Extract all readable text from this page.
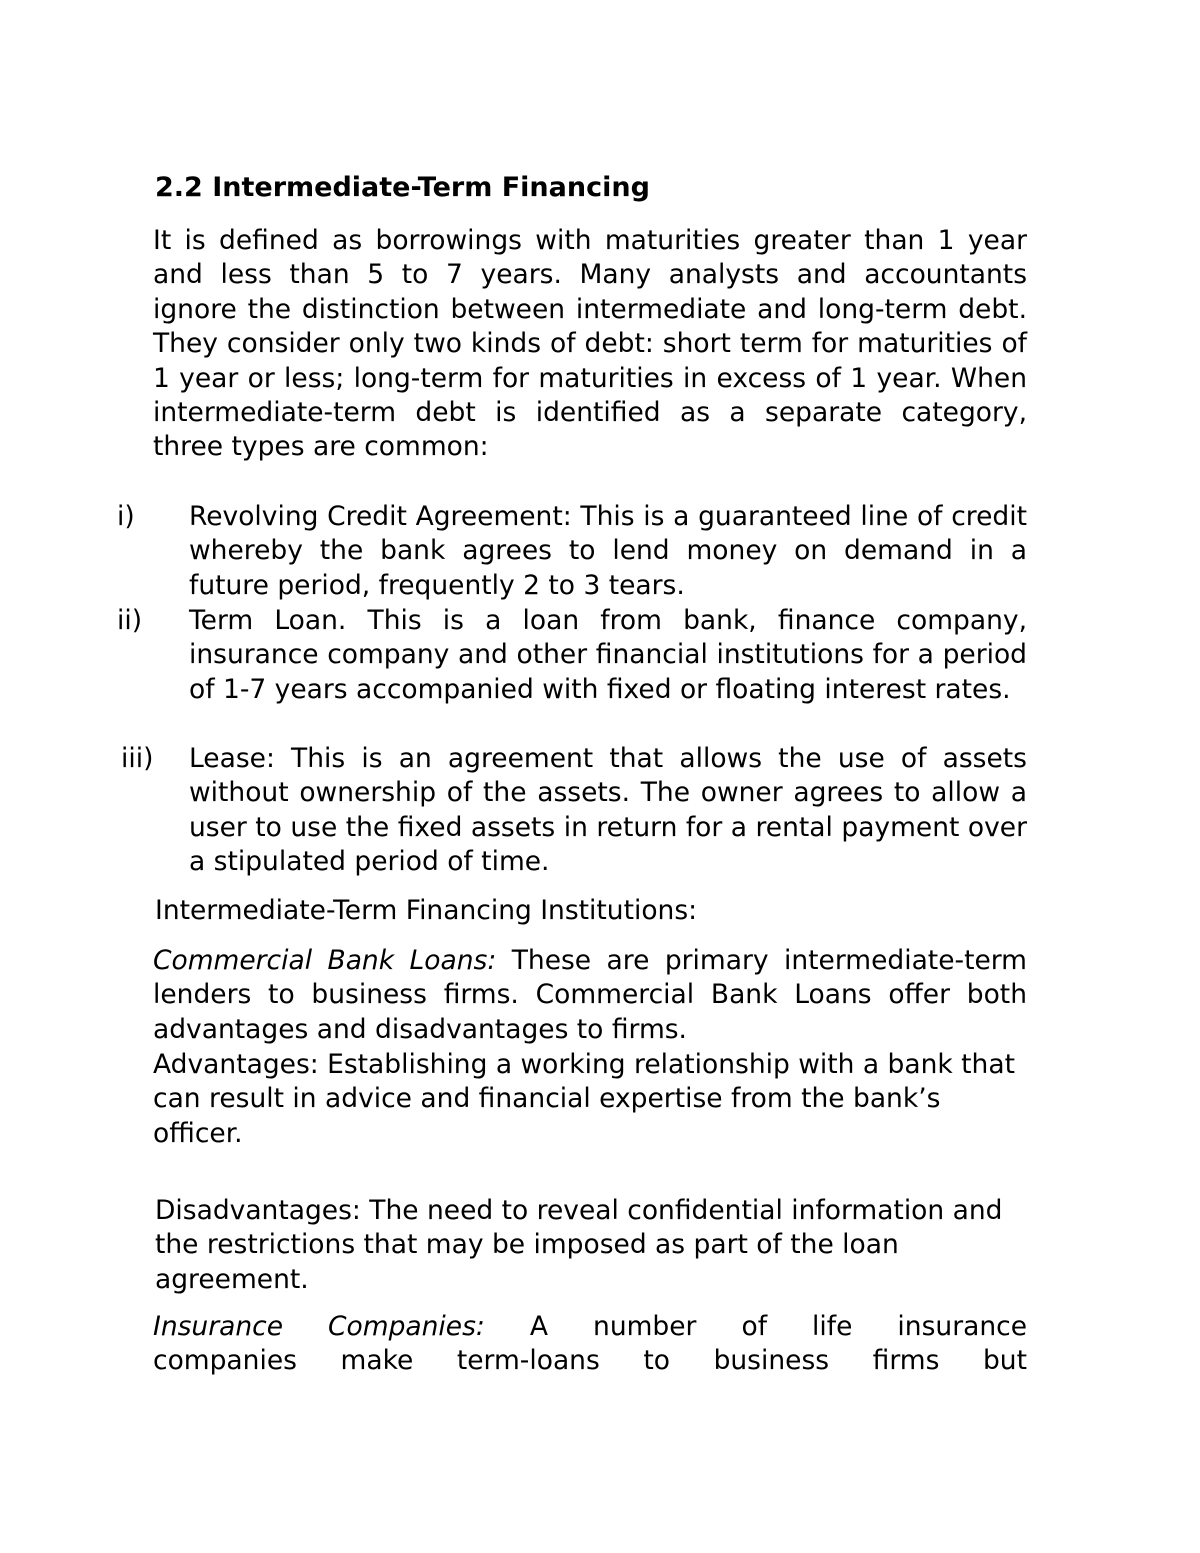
2.2 Intermediate-Term Financing

It is defined as borrowings with maturities greater than 1 year and less than 5 to 7 years. Many analysts and accountants ignore the distinction between intermediate and long-term debt. They consider only two kinds of debt: short term for maturities of 1 year or less; long-term for maturities in excess of 1 year. When intermediate-term debt is identified as a separate category, three types are common:

i) Revolving Credit Agreement: This is a guaranteed line of credit whereby the bank agrees to lend money on demand in a future period, frequently 2 to 3 tears.
ii) Term Loan. This is a loan from bank, finance company, insurance company and other financial institutions for a period of 1-7 years accompanied with fixed or floating interest rates.
iii) Lease: This is an agreement that allows the use of assets without ownership of the assets. The owner agrees to allow a user to use the fixed assets in return for a rental payment over a stipulated period of time.
Intermediate-Term Financing Institutions:

Commercial Bank Loans: These are primary intermediate-term lenders to business firms. Commercial Bank Loans offer both advantages and disadvantages to firms.

Advantages: Establishing a working relationship with a bank that can result in advice and financial expertise from the bank’s officer.

Disadvantages: The need to reveal confidential information and the restrictions that may be imposed as part of the loan agreement.

Insurance Companies: A number of life insurance
companies make term-loans to business firms but
